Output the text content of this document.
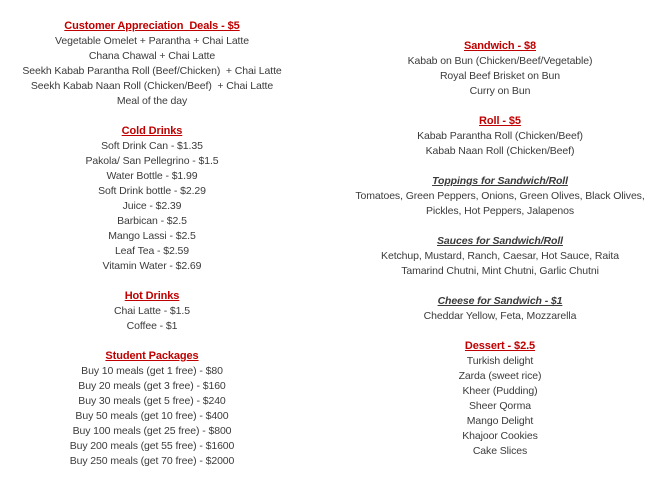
Customer Appreciation  Deals - $5
Vegetable Omelet + Parantha + Chai Latte
Chana Chawal + Chai Latte
Seekh Kabab Parantha Roll (Beef/Chicken)  + Chai Latte
Seekh Kabab Naan Roll (Chicken/Beef)  + Chai Latte
Meal of the day
Cold Drinks
Soft Drink Can - $1.35
Pakola/ San Pellegrino - $1.5
Water Bottle - $1.99
Soft Drink bottle - $2.29
Juice - $2.39
Barbican - $2.5
Mango Lassi - $2.5
Leaf Tea - $2.59
Vitamin Water - $2.69
Hot Drinks
Chai Latte - $1.5
Coffee - $1
Student Packages
Buy 10 meals (get 1 free) - $80
Buy 20 meals (get 3 free) - $160
Buy 30 meals (get 5 free) - $240
Buy 50 meals (get 10 free) - $400
Buy 100 meals (get 25 free) - $800
Buy 200 meals (get 55 free) - $1600
Buy 250 meals (get 70 free) - $2000
Sandwich - $8
Kabab on Bun (Chicken/Beef/Vegetable)
Royal Beef Brisket on Bun
Curry on Bun
Roll - $5
Kabab Parantha Roll (Chicken/Beef)
Kabab Naan Roll (Chicken/Beef)
Toppings for Sandwich/Roll
Tomatoes, Green Peppers, Onions, Green Olives, Black Olives,
Pickles, Hot Peppers, Jalapenos
Sauces for Sandwich/Roll
Ketchup, Mustard, Ranch, Caesar, Hot Sauce, Raita
Tamarind Chutni, Mint Chutni, Garlic Chutni
Cheese for Sandwich - $1
Cheddar Yellow, Feta, Mozzarella
Dessert - $2.5
Turkish delight
Zarda (sweet rice)
Kheer (Pudding)
Sheer Qorma
Mango Delight
Khajoor Cookies
Cake Slices
